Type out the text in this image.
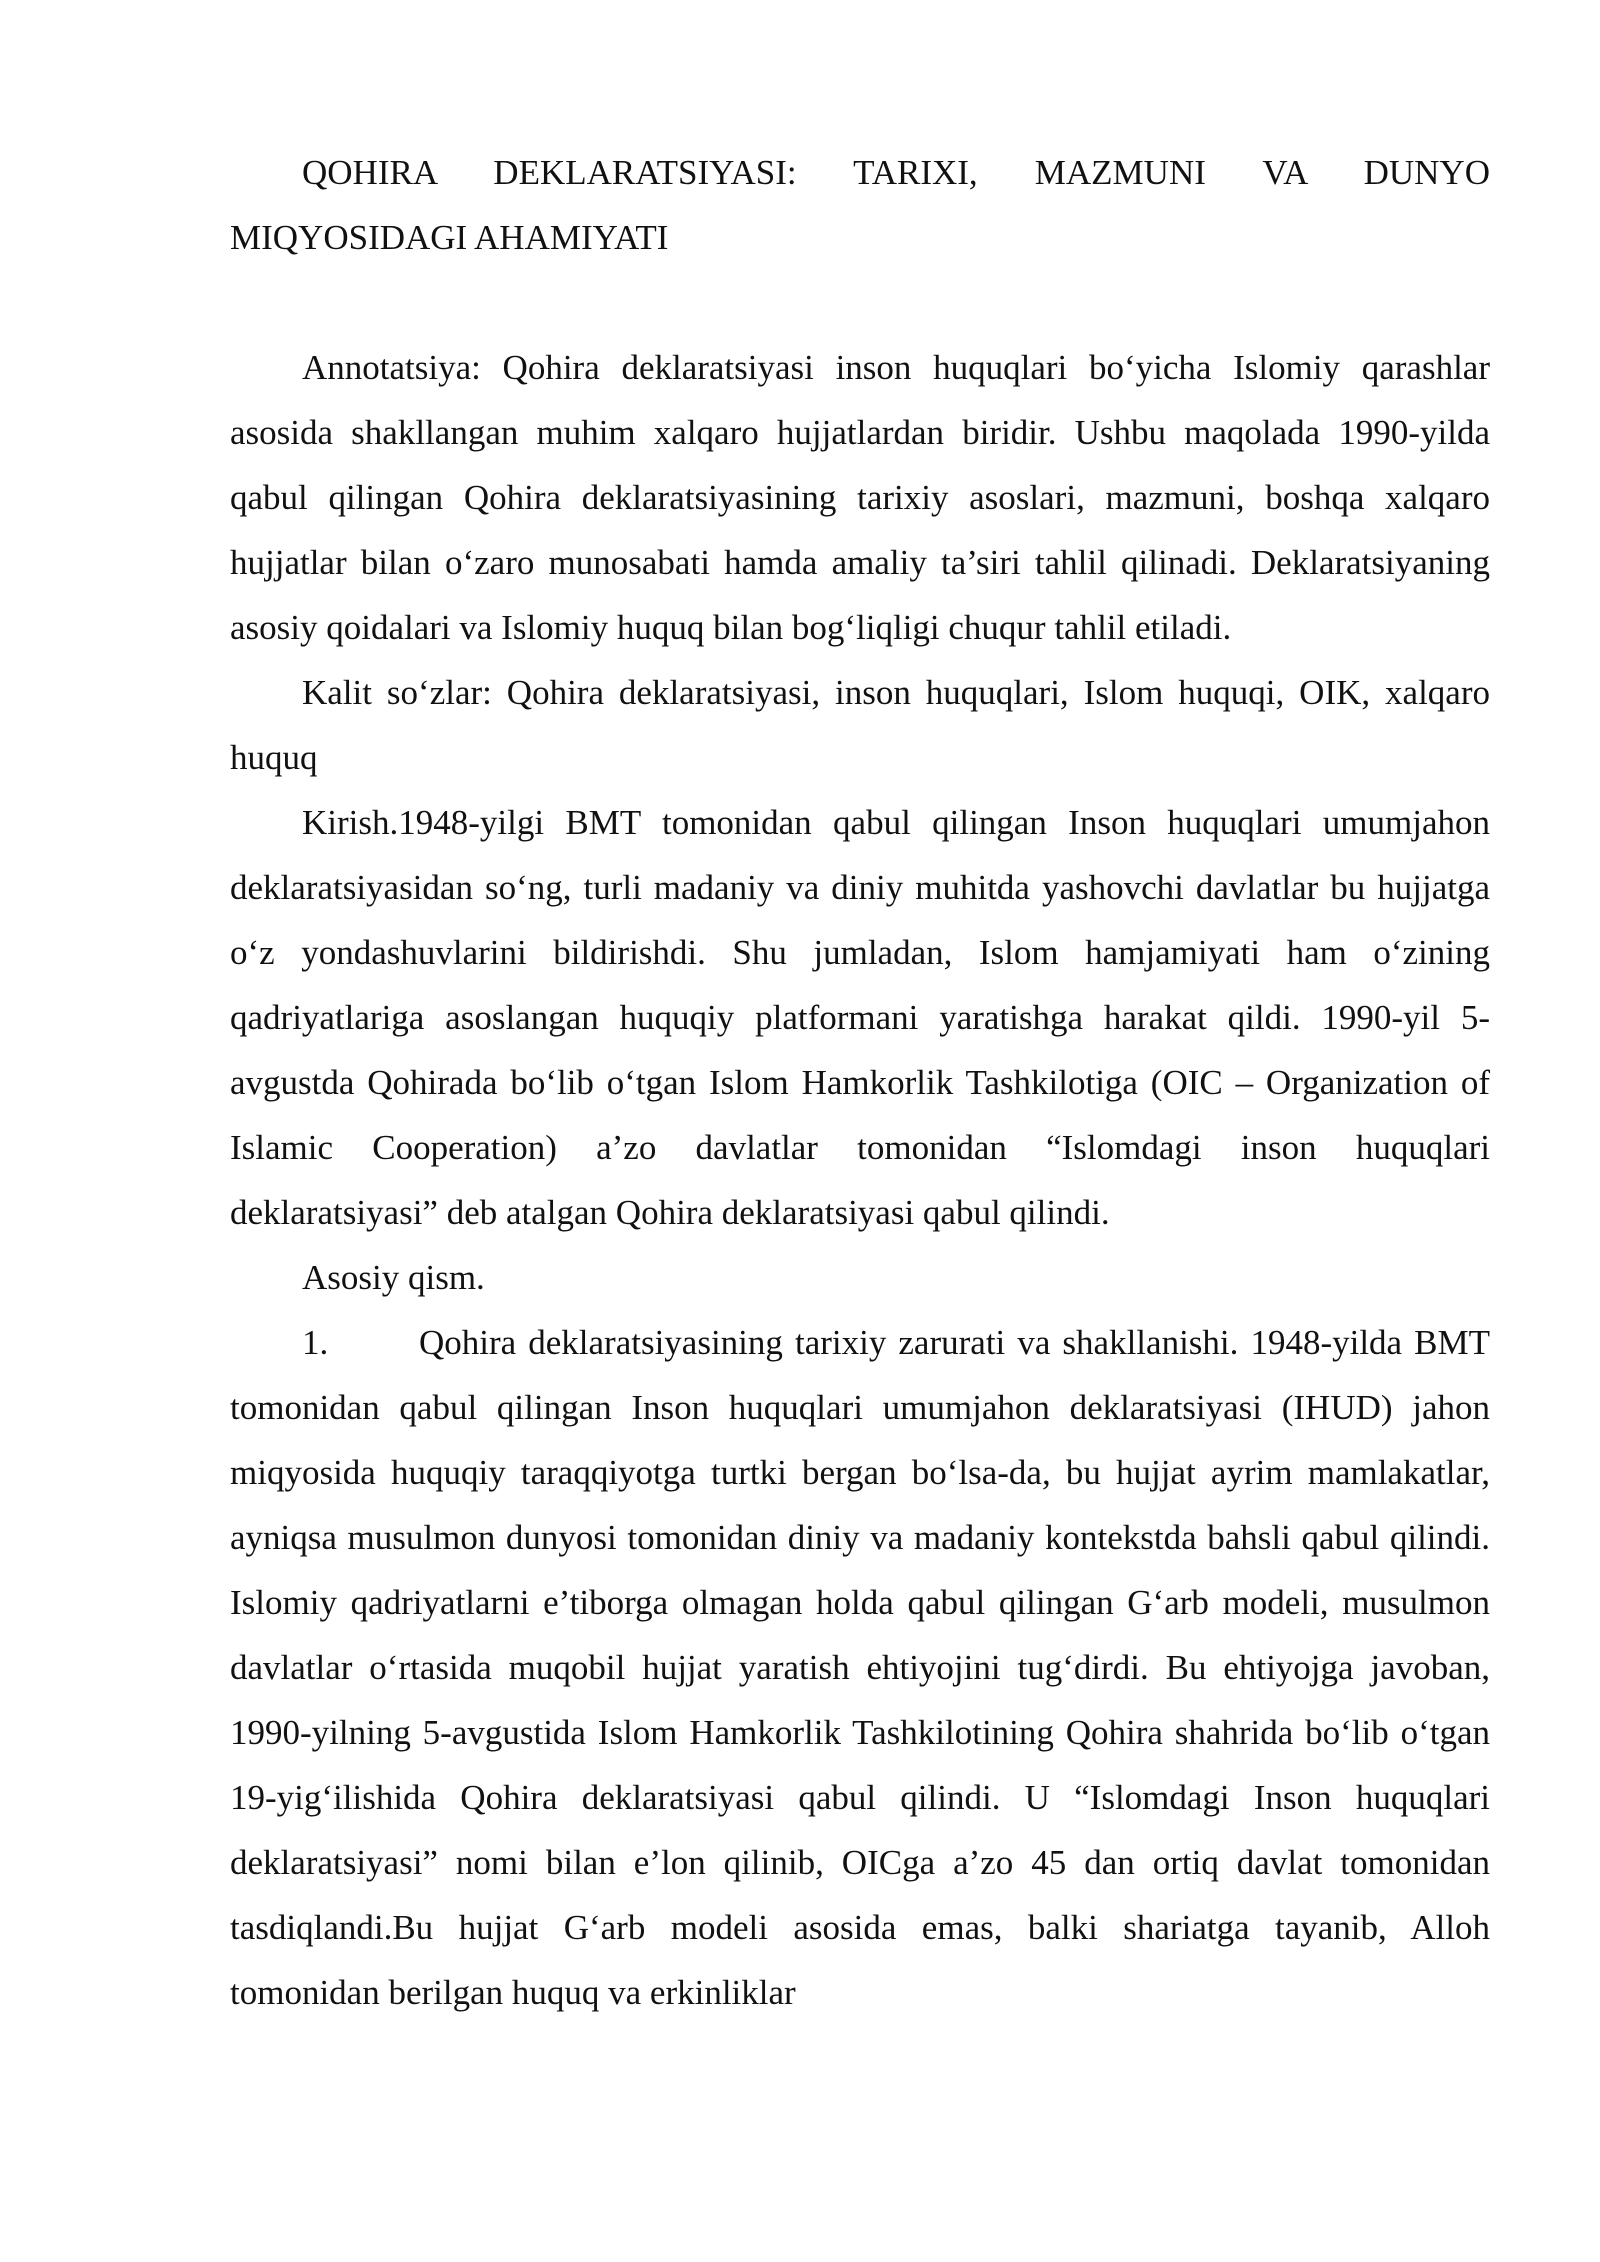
QOHIRA DEKLARATSIYASI: TARIXI, MAZMUNI VA DUNYO MIQYOSIDAGI AHAMIYATI

Annotatsiya: Qohira deklaratsiyasi inson huquqlari bo‘yicha Islomiy qarashlar asosida shakllangan muhim xalqaro hujjatlardan biridir. Ushbu maqolada 1990-yilda qabul qilingan Qohira deklaratsiyasining tarixiy asoslari, mazmuni, boshqa xalqaro hujjatlar bilan o‘zaro munosabati hamda amaliy ta’siri tahlil qilinadi. Deklaratsiyaning asosiy qoidalari va Islomiy huquq bilan bog‘liqligi chuqur tahlil etiladi.

Kalit so‘zlar: Qohira deklaratsiyasi, inson huquqlari, Islom huquqi, OIK, xalqaro huquq

Kirish.1948-yilgi BMT tomonidan qabul qilingan Inson huquqlari umumjahon deklaratsiyasidan so‘ng, turli madaniy va diniy muhitda yashovchi davlatlar bu hujjatga o‘z yondashuvlarini bildirishdi. Shu jumladan, Islom hamjamiyati ham o‘zining qadriyatlariga asoslangan huquqiy platformani yaratishga harakat qildi. 1990-yil 5-avgustda Qohirada bo‘lib o‘tgan Islom Hamkorlik Tashkilotiga (OIC – Organization of Islamic Cooperation) a’zo davlatlar tomonidan “Islomdagi inson huquqlari deklaratsiyasi” deb atalgan Qohira deklaratsiyasi qabul qilindi.

Asosiy qism.

1.	Qohira deklaratsiyasining tarixiy zarurati va shakllanishi. 1948-yilda BMT tomonidan qabul qilingan Inson huquqlari umumjahon deklaratsiyasi (IHUD) jahon miqyosida huquqiy taraqqiyotga turtki bergan bo‘lsa-da, bu hujjat ayrim mamlakatlar, ayniqsa musulmon dunyosi tomonidan diniy va madaniy kontekstda bahsli qabul qilindi. Islomiy qadriyatlarni e’tiborga olmagan holda qabul qilingan G‘arb modeli, musulmon davlatlar o‘rtasida muqobil hujjat yaratish ehtiyojini tug‘dirdi. Bu ehtiyojga javoban, 1990-yilning 5-avgustida Islom Hamkorlik Tashkilotining Qohira shahrida bo‘lib o‘tgan 19-yig‘ilishida Qohira deklaratsiyasi qabul qilindi. U “Islomdagi Inson huquqlari deklaratsiyasi” nomi bilan e’lon qilinib, OICga a’zo 45 dan ortiq davlat tomonidan tasdiqlandi.Bu hujjat G‘arb modeli asosida emas, balki shariatga tayanib, Alloh tomonidan berilgan huquq va erkinliklar
